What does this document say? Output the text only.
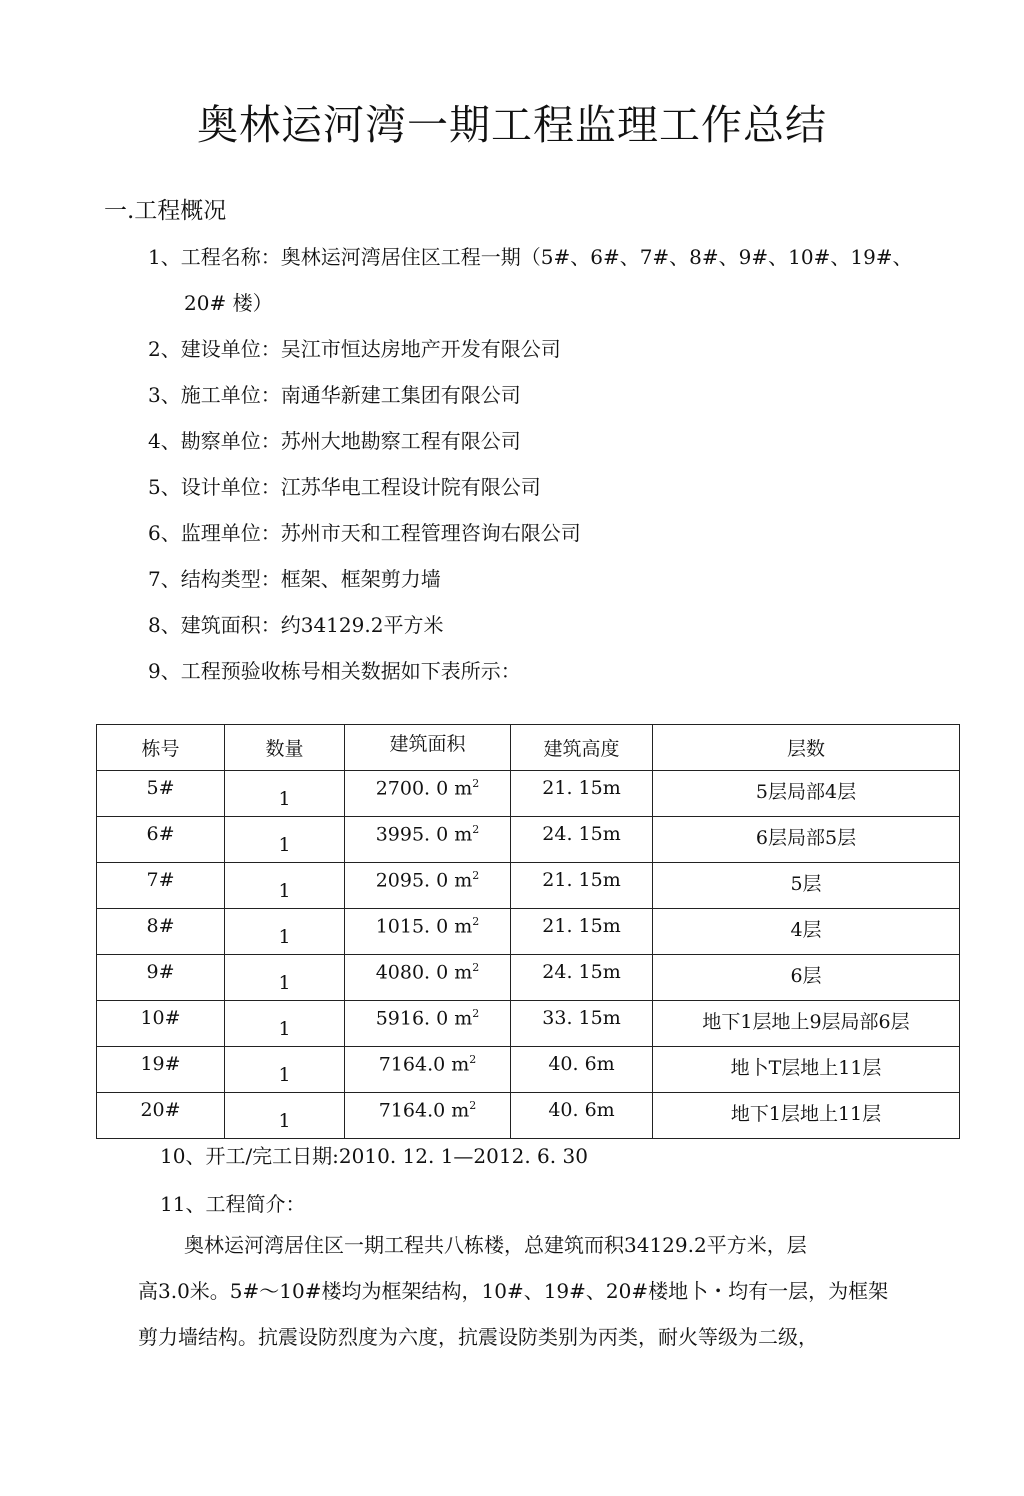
奥林运河湾一期工程监理工作总结
一.工程概况
1、工程名称：奥林运河湾居住区工程一期（5#、6#、7#、8#、9#、10#、19#、
20# 楼）
2、建设单位：吴江市恒达房地产开发有限公司
3、施工单位：南通华新建工集团有限公司
4、勘察单位：苏州大地勘察工程有限公司
5、设计单位：江苏华电工程设计院有限公司
6、监理单位：苏州市天和工程管理咨询右限公司
7、结构类型：框架、框架剪力墙
8、建筑面积：约34129.2平方米
9、工程预验收栋号相关数据如下表所示：
栋号	数量	建筑面积	建筑高度	层数
5#	1	2700. 0 $m^2$	21. 15m	5层局部4层
6#	1	3995. 0 $m^2$	24. 15m	6层局部5层
7#	1	2095. 0 $m^2$	21. 15m	5层
8#	1	1015. 0 $m^2$	21. 15m	4层
9#	1	4080. 0 $m^2$	24. 15m	6层
10#	1	5916. 0 $m^2$	33. 15m	地下1层地上9层局部6层
19#	1	7164.0 $m^2$	40. 6m	地卜T层地上11层
20#	1	7164.0 $m^2$	40. 6m	地下1层地上11层
10、开工/完工日期:2010. 12. 1—2012. 6. 30
11、工程简介：
奥林运河湾居住区一期工程共八栋楼，总建筑而积34129.2平方米，层
高3.0米。5#～10#楼均为框架结构，10#、19#、20#楼地卜・均有一层，为框架
剪力墙结构。抗震设防烈度为六度，抗震设防类别为丙类，耐火等级为二级，
